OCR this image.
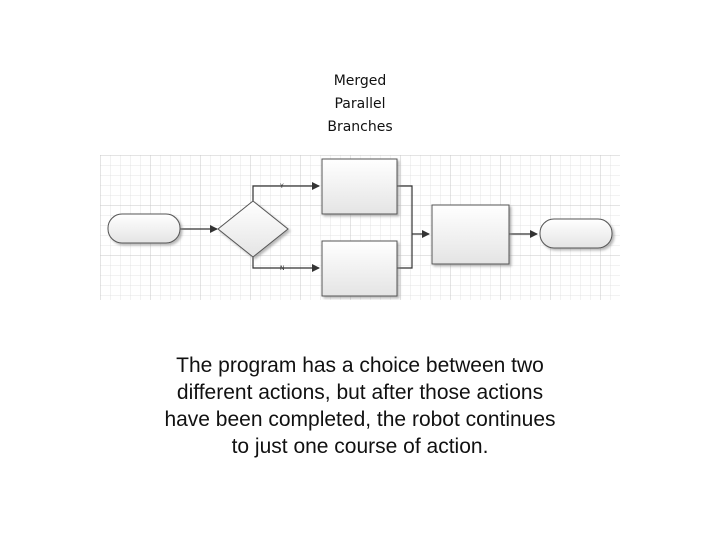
Merged
Parallel
Branches
Y
N
The program has a choice between two
different actions, but after those actions
have been completed, the robot continues
to just one course of action.
